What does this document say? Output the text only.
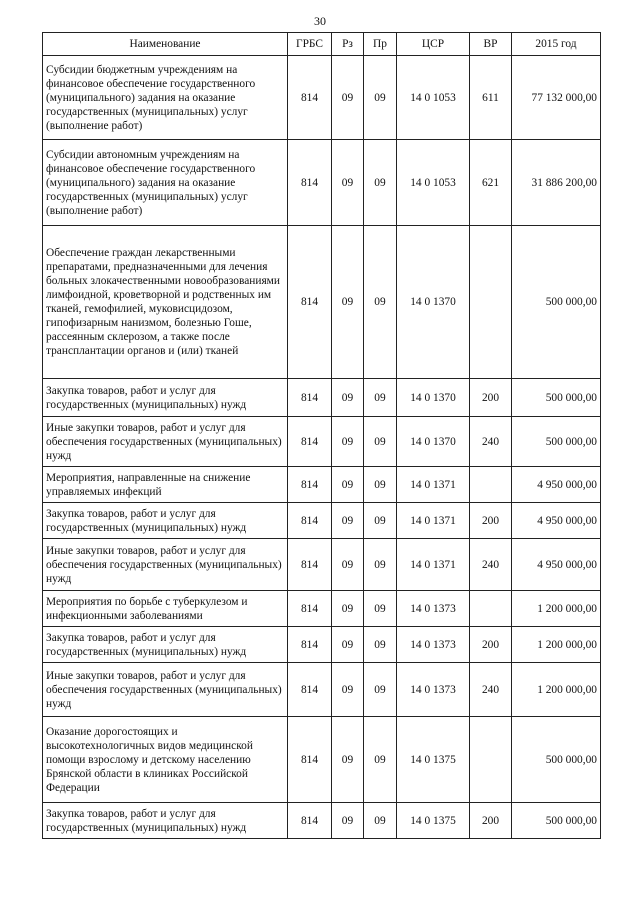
30
Наименование	ГРБС	Рз	Пр	ЦСР	ВР	2015 год
Субсидии бюджетным учреждениям на финансовое обеспечение государственного (муниципального) задания на оказание государственных (муниципальных) услуг (выполнение работ)	814	09	09	14 0 1053	611	77 132 000,00
Субсидии автономным учреждениям на финансовое обеспечение государственного (муниципального) задания на оказание государственных (муниципальных) услуг (выполнение работ)	814	09	09	14 0 1053	621	31 886 200,00
Обеспечение граждан лекарственными препаратами, предназначенными для лечения больных злокачественными новообразованиями лимфоидной, кроветворной и родственных им тканей, гемофилией, муковисцидозом, гипофизарным нанизмом, болезнью Гоше, рассеянным склерозом, а также после трансплантации органов и (или) тканей	814	09	09	14 0 1370		500 000,00
Закупка товаров, работ и услуг для государственных (муниципальных) нужд	814	09	09	14 0 1370	200	500 000,00
Иные закупки товаров, работ и услуг для обеспечения государственных (муниципальных) нужд	814	09	09	14 0 1370	240	500 000,00
Мероприятия, направленные на снижение управляемых инфекций	814	09	09	14 0 1371		4 950 000,00
Закупка товаров, работ и услуг для государственных (муниципальных) нужд	814	09	09	14 0 1371	200	4 950 000,00
Иные закупки товаров, работ и услуг для обеспечения государственных (муниципальных) нужд	814	09	09	14 0 1371	240	4 950 000,00
Мероприятия по борьбе с туберкулезом и инфекционными заболеваниями	814	09	09	14 0 1373		1 200 000,00
Закупка товаров, работ и услуг для государственных (муниципальных) нужд	814	09	09	14 0 1373	200	1 200 000,00
Иные закупки товаров, работ и услуг для обеспечения государственных (муниципальных) нужд	814	09	09	14 0 1373	240	1 200 000,00
Оказание дорогостоящих и высокотехнологичных видов медицинской помощи взрослому и детскому населению Брянской области в клиниках Российской Федерации	814	09	09	14 0 1375		500 000,00
Закупка товаров, работ и услуг для государственных (муниципальных) нужд	814	09	09	14 0 1375	200	500 000,00
